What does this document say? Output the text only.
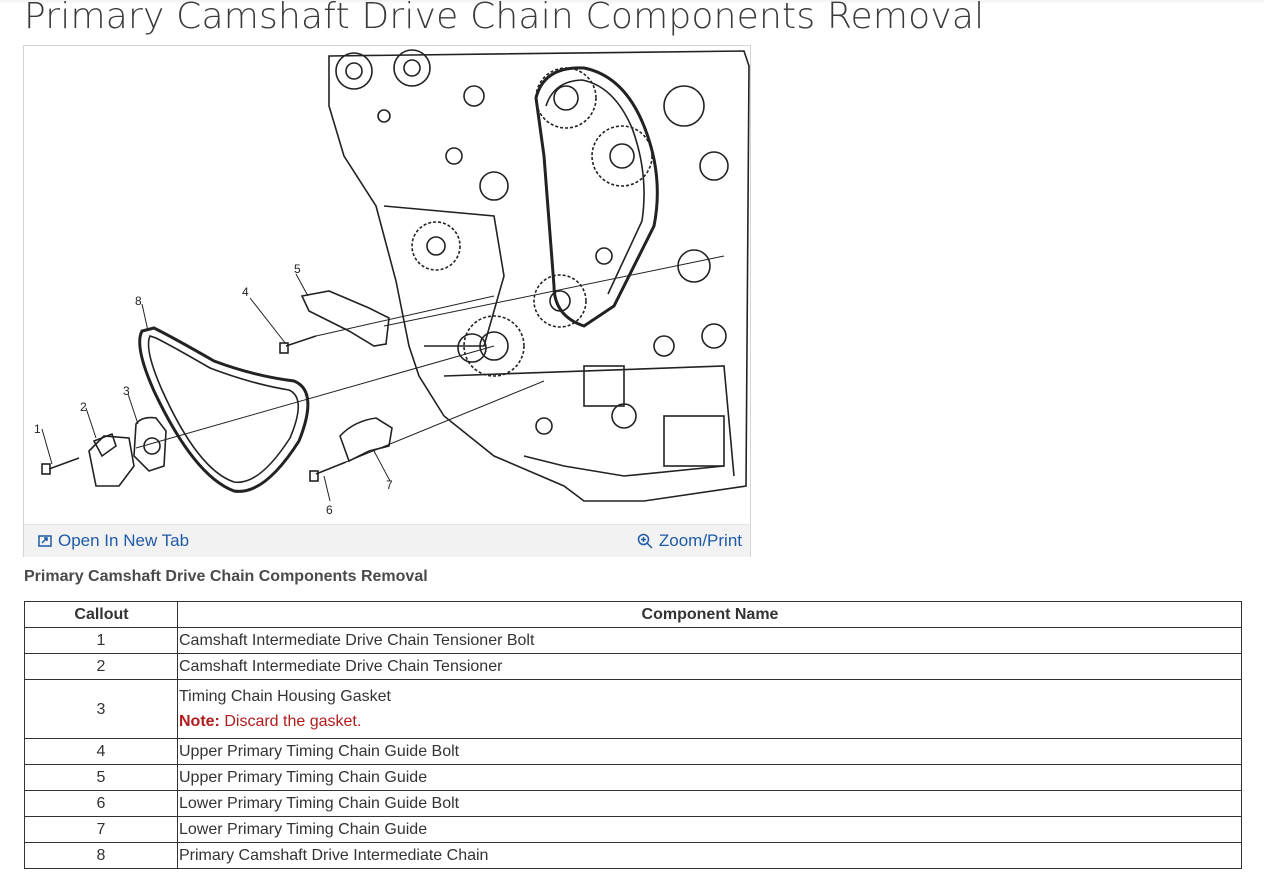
Primary Camshaft Drive Chain Components Removal
1
2
3
4
5
6
7
8
Open In New Tab	Zoom/Print
Primary Camshaft Drive Chain Components Removal
Callout	Component Name
1	Camshaft Intermediate Drive Chain Tensioner Bolt
2	Camshaft Intermediate Drive Chain Tensioner
3	Timing Chain Housing Gasket
Note: Discard the gasket.

4	Upper Primary Timing Chain Guide Bolt
5	Upper Primary Timing Chain Guide
6	Lower Primary Timing Chain Guide Bolt
7	Lower Primary Timing Chain Guide
8	Primary Camshaft Drive Intermediate Chain
